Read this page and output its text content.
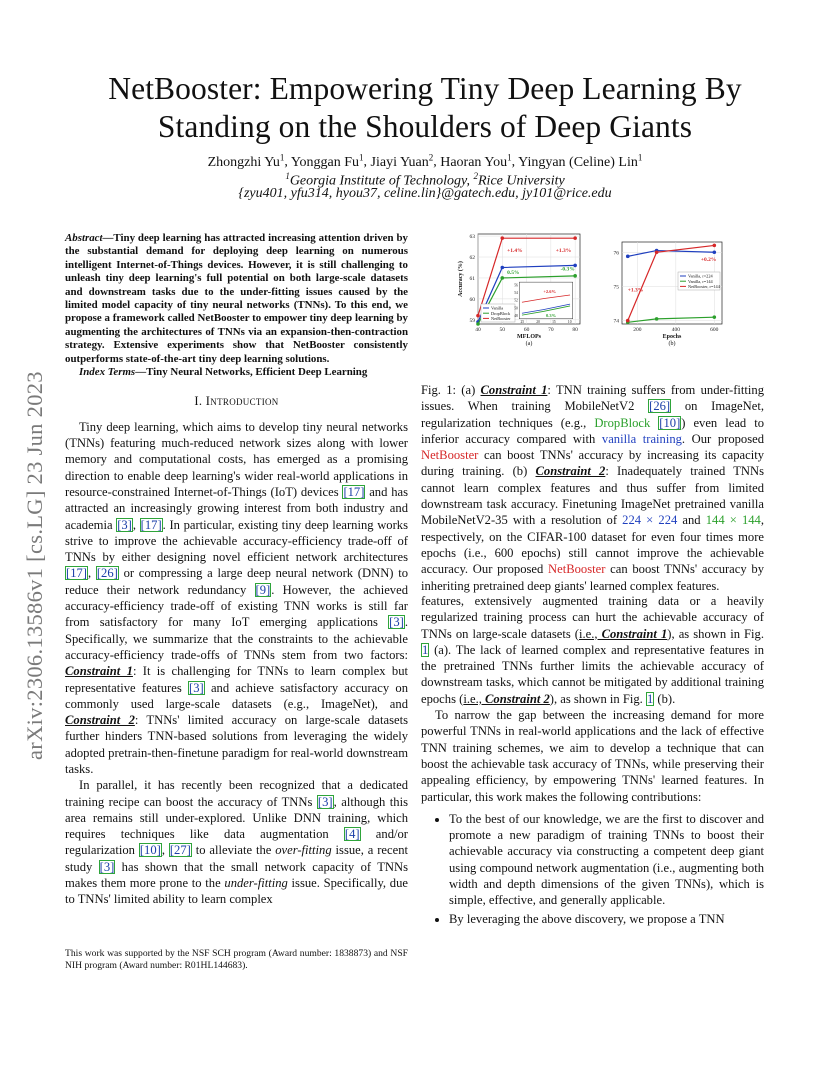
arXiv:2306.13586v1 [cs.LG] 23 Jun 2023
NetBooster: Empowering Tiny Deep Learning By
Standing on the Shoulders of Deep Giants
Zhongzhi Yu$^1$, Yonggan Fu$^1$, Jiayi Yuan$^2$, Haoran You$^1$, Yingyan (Celine) Lin$^1$
$^1$Georgia Institute of Technology, $^2$Rice University
{zyu401, yfu314, hyou37, celine.lin}@gatech.edu, jy101@rice.edu

Abstract—Tiny deep learning has attracted increasing attention driven by the substantial demand for deploying deep learning on numerous intelligent Internet-of-Things devices. However, it is still challenging to unleash tiny deep learning's full potential on both large-scale datasets and downstream tasks due to the under-fitting issues caused by the limited model capacity of tiny neural networks (TNNs). To this end, we propose a framework called NetBooster to empower tiny deep learning by augmenting the architectures of TNNs via an expansion-then-contraction strategy. Extensive experiments show that NetBooster consistently outperforms state-of-the-art tiny deep learning solutions.

Index Terms—Tiny Neural Networks, Efficient Deep Learning

I. Introduction

Tiny deep learning, which aims to develop tiny neural networks (TNNs) featuring much-reduced network sizes along with lower memory and computational costs, has emerged as a promising direction to enable deep learning's wider real-world applications in resource-constrained Internet-of-Things (IoT) devices [17] and has attracted an increasingly growing interest from both industry and academia [3], [17]. In particular, existing tiny deep learning works strive to improve the achievable accuracy-efficiency trade-off of TNNs by either designing novel efficient network architectures [17], [26] or compressing a large deep neural network (DNN) to reduce their network redundancy [9]. However, the achieved accuracy-efficiency trade-off of existing TNN works is still far from satisfactory for many IoT emerging applications [3]. Specifically, we summarize that the constraints to the achievable accuracy-efficiency trade-offs of TNNs stem from two factors: Constraint 1: It is challenging for TNNs to learn complex but representative features [3] and achieve satisfactory accuracy on commonly used large-scale datasets (e.g., ImageNet), and Constraint 2: TNNs' limited accuracy on large-scale datasets further hinders TNN-based solutions from leveraging the widely adopted pretrain-then-finetune paradigm for real-world downstream tasks.

In parallel, it has recently been recognized that a dedicated training recipe can boost the accuracy of TNNs [3], although this area remains still under-explored. Unlike DNN training, which requires techniques like data augmentation [4] and/or regularization [10], [27] to alleviate the over-fitting issue, a recent study [3] has shown that the small network capacity of TNNs makes them more prone to the under-fitting issue. Specifically, due to TNNs' limited ability to learn complex

This work was supported by the NSF SCH program (Award number: 1838873) and NSF NIH program (Award number: R01HL144683).
59
60
61
62
63
40	50	60	70	80
MFLOPs
(a)
Accuracy (%)
Vanilla
DropBlock
NetBooster
74
75
76
200	400	600
Epochs
(b)
Vanilla, r=224
Vanilla, r=144
NetBooster, r=144
+1.4%	+1.3%
0.5%
-0.3%
56
54
52
50
48
25	20	15	10
+2.6%
0.3%
+0.2%
+1.3%

Fig. 1: (a) Constraint 1: TNN training suffers from under-fitting issues. When training MobileNetV2 [26] on ImageNet, regularization techniques (e.g., DropBlock [10]) even lead to inferior accuracy compared with vanilla training. Our proposed NetBooster can boost TNNs' accuracy by increasing its capacity during training. (b) Constraint 2: Inadequately trained TNNs cannot learn complex features and thus suffer from limited downstream task accuracy. Finetuning ImageNet pretrained vanilla MobileNetV2-35 with a resolution of 224 × 224 and 144 × 144, respectively, on the CIFAR-100 dataset for even four times more epochs (i.e., 600 epochs) still cannot improve the achievable accuracy. Our proposed NetBooster can boost TNNs' accuracy by inheriting pretrained deep giants' learned complex features.

features, extensively augmented training data or a heavily regularized training process can hurt the achievable accuracy of TNNs on large-scale datasets (i.e., Constraint 1), as shown in Fig. 1 (a). The lack of learned complex and representative features in the pretrained TNNs further limits the achievable accuracy of downstream tasks, which cannot be mitigated by additional training epochs (i.e., Constraint 2), as shown in Fig. 1 (b).

To narrow the gap between the increasing demand for more powerful TNNs in real-world applications and the lack of effective TNN training schemes, we aim to develop a technique that can boost the achievable task accuracy of TNNs, while preserving their appealing efficiency, by empowering TNNs' learned features. In particular, this work makes the following contributions:

• To the best of our knowledge, we are the first to discover and promote a new paradigm of training TNNs to boost their achievable accuracy via constructing a competent deep giant using compound network augmentation (i.e., augmenting both width and depth dimensions of the given TNNs), which is simple, effective, and generally applicable.
• By leveraging the above discovery, we propose a TNN
